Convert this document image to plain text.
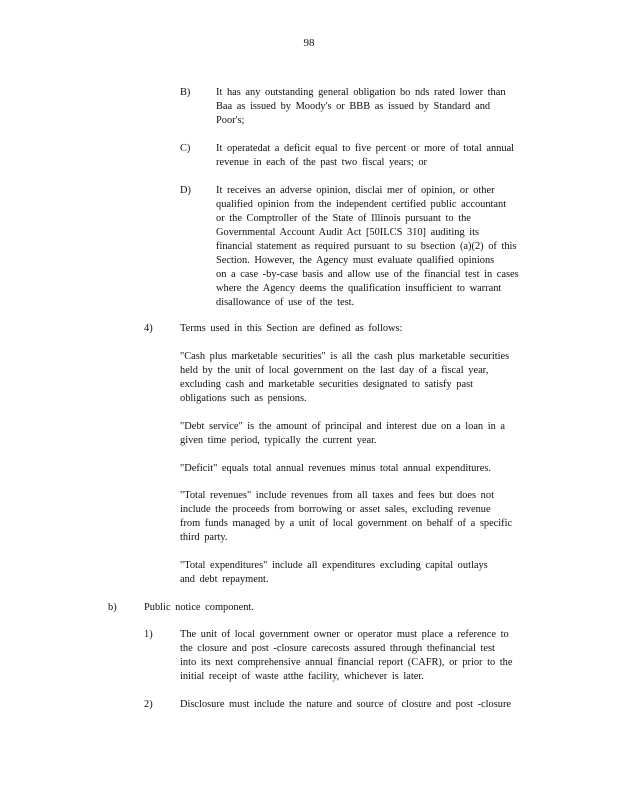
98
B) It has any outstanding general obligation bo nds rated lower than
Baa as issued by Moody's or BBB as issued by Standard and
Poor's;
C) It operatedat a deficit equal to five percent or more of total annual
revenue in each of the past two fiscal years; or
D) It receives an adverse opinion, disclai mer of opinion, or other
qualified opinion from the independent certified public accountant
or the Comptroller of the State of Illinois pursuant to the
Governmental Account Audit Act [50ILCS 310] auditing its
financial statement as required pursuant to su bsection (a)(2) of this
Section. However, the Agency must evaluate qualified opinions
on a case -by-case basis and allow use of the financial test in cases
where the Agency deems the qualification insufficient to warrant
disallowance of use of the test.
4)	Terms used in this Section are defined as follows:
"Cash plus marketable securities" is all the cash plus marketable securities
held by the unit of local government on the last day of a fiscal year,
excluding cash and marketable securities designated to satisfy past
obligations such as pensions.
"Debt service" is the amount of principal and interest due on a loan in a
given time period, typically the current year.
"Deficit" equals total annual revenues minus total annual expenditures.
"Total revenues" include revenues from all taxes and fees but does not
include the proceeds from borrowing or asset sales, excluding revenue
from funds managed by a unit of local government on behalf of a specific
third party.
"Total expenditures" include all expenditures excluding capital outlays
and debt repayment.
b)	Public notice component.
1)	The unit of local government owner or operator must place a reference to
the closure and post -closure carecosts assured through thefinancial test
into its next comprehensive annual financial report (CAFR), or prior to the
initial receipt of waste atthe facility, whichever is later.
2)	Disclosure must include the nature and source of closure and post -closure
